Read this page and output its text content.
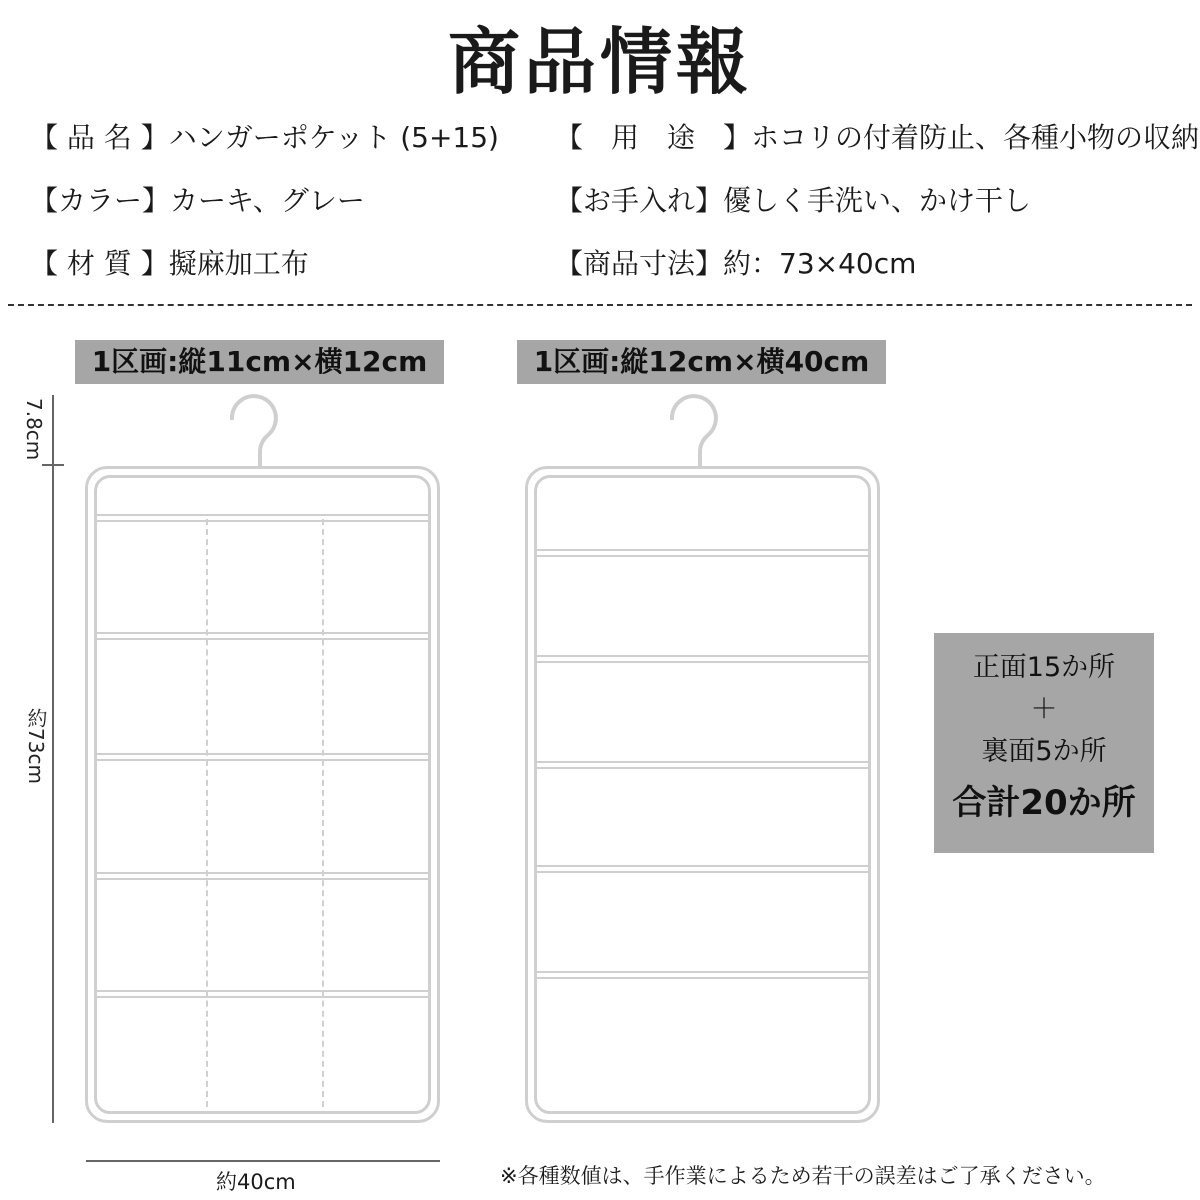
商品情報
【 品 名 】ハンガーポケット (5+15)
【カラー】カーキ、グレー
【 材 質 】擬麻加工布
【　用　途　】ホコリの付着防止、各種小物の収納
【お手入れ】優しく手洗い、かけ干し
【商品寸法】約：73×40cm
1区画:縦11cm×横12cm	1区画:縦12cm×横40cm
7.8cm
約73cm
約40cm
正面15か所
＋
裏面5か所
合計20か所
※各種数値は、手作業によるため若干の誤差はご了承ください。
